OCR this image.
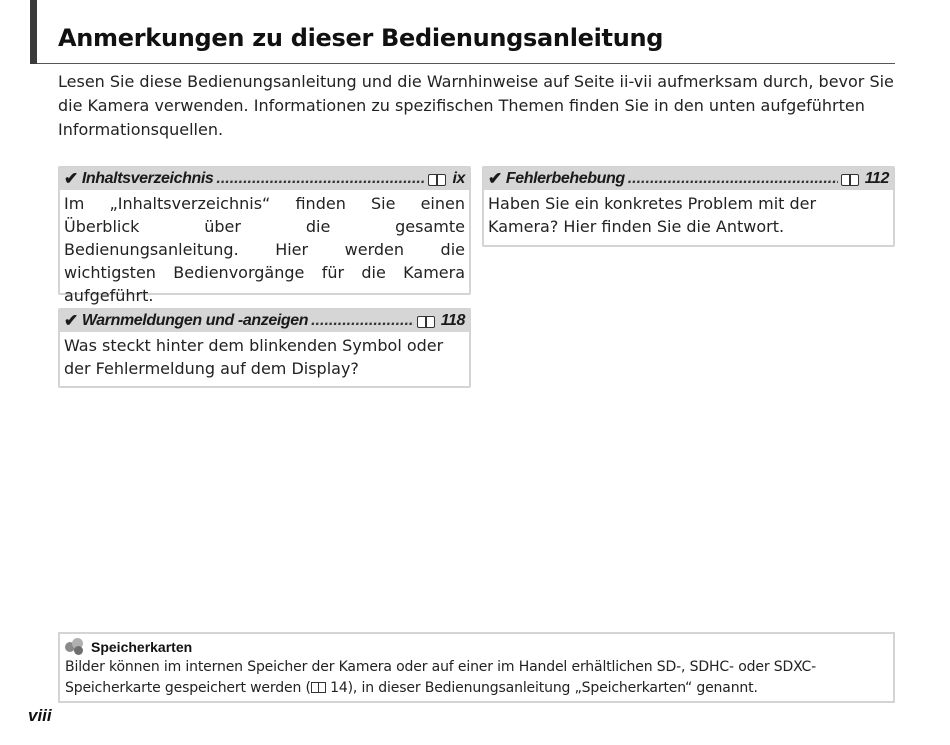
Anmerkungen zu dieser Bedienungsanleitung
Lesen Sie diese Bedienungsanleitung und die Warnhinweise auf Seite ii-vii aufmerksam durch, bevor Sie die Kamera verwenden. Informationen zu spezifischen Themen finden Sie in den unten aufgeführten Informationsquellen.
✔ Inhaltsverzeichnis .....	ix
Im „Inhaltsverzeichnis“ finden Sie einen Überblick über die gesamte Bedienungsanleitung. Hier werden die wichtigsten Bedienvorgänge für die Kamera aufgeführt.
✔ Fehlerbehebung .....	112
Haben Sie ein konkretes Problem mit der Kamera? Hier finden Sie die Antwort.
✔ Warnmeldungen und -anzeigen .....	118
Was steckt hinter dem blinkenden Symbol oder der Fehlermeldung auf dem Display?
Speicherkarten
Bilder können im internen Speicher der Kamera oder auf einer im Handel erhältlichen SD-, SDHC- oder SDXC-Speicherkarte gespeichert werden ( 14), in dieser Bedienungsanleitung „Speicherkarten“ genannt.
viii
